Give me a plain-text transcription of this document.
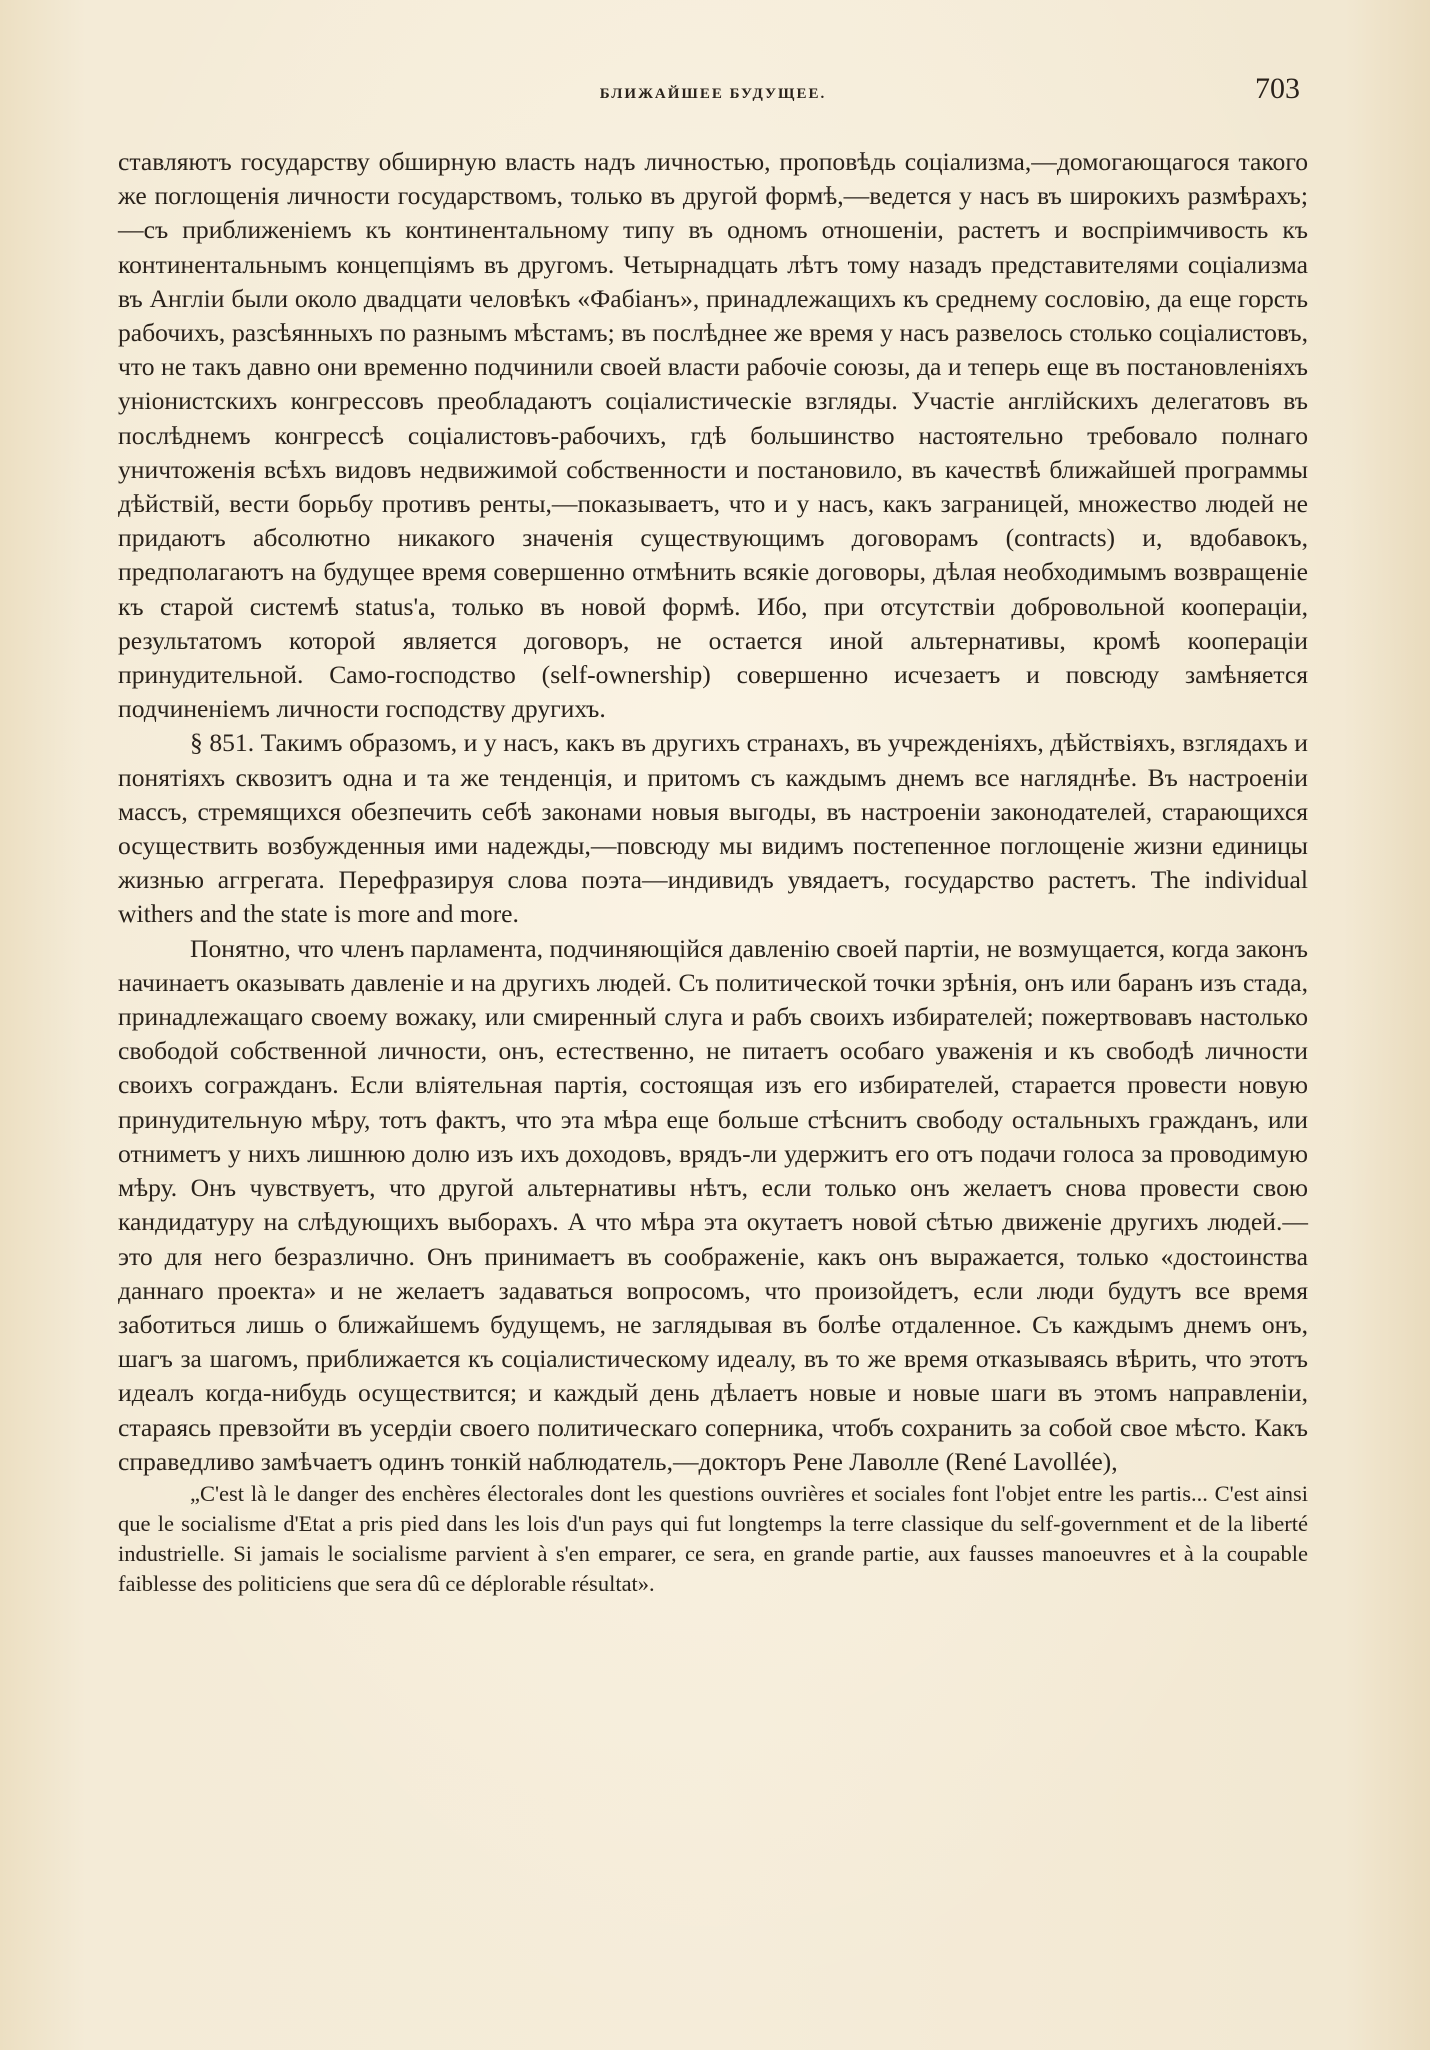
БЛИЖАЙШЕЕ БУДУЩЕЕ.	703

ставляютъ государству обширную власть надъ личностью, проповѣдь соціализма,—домогающагося такого же поглощенія личности государствомъ, только въ другой формѣ,—ведется у насъ въ широкихъ размѣрахъ;—съ приближеніемъ къ континентальному типу въ одномъ отношеніи, растетъ и воспріимчивость къ континентальнымъ концепціямъ въ другомъ. Четырнадцать лѣтъ тому назадъ представителями соціализма въ Англіи были около двадцати человѣкъ «Фабіанъ», принадлежащихъ къ среднему сословію, да еще горсть рабочихъ, разсѣянныхъ по разнымъ мѣстамъ; въ послѣднее же время у насъ развелось столько соціалистовъ, что не такъ давно они временно подчинили своей власти рабочіе союзы, да и теперь еще въ постановленіяхъ уніонистскихъ конгрессовъ преобладаютъ соціалистическіе взгляды. Участіе англійскихъ делегатовъ въ послѣднемъ конгрессѣ соціалистовъ-рабочихъ, гдѣ большинство настоятельно требовало полнаго уничтоженія всѣхъ видовъ недвижимой собственности и постановило, въ качествѣ ближайшей программы дѣйствій, вести борьбу противъ ренты,—показываетъ, что и у насъ, какъ заграницей, множество людей не придаютъ абсолютно никакого значенія существующимъ договорамъ (contracts) и, вдобавокъ, предполагаютъ на будущее время совершенно отмѣнить всякіе договоры, дѣлая необходимымъ возвращеніе къ старой системѣ status'а, только въ новой формѣ. Ибо, при отсутствіи добровольной коопераціи, результатомъ которой является договоръ, не остается иной альтернативы, кромѣ коопераціи принудительной. Само-господство (self-ownership) совершенно исчезаетъ и повсюду замѣняется подчиненіемъ личности господству другихъ.

§ 851. Такимъ образомъ, и у насъ, какъ въ другихъ странахъ, въ учрежденіяхъ, дѣйствіяхъ, взглядахъ и понятіяхъ сквозитъ одна и та же тенденція, и притомъ съ каждымъ днемъ все нагляднѣе. Въ настроеніи массъ, стремящихся обезпечить себѣ законами новыя выгоды, въ настроеніи законодателей, старающихся осуществить возбужденныя ими надежды,—повсюду мы видимъ постепенное поглощеніе жизни единицы жизнью аггрегата. Перефразируя слова поэта—индивидъ увядаетъ, государство растетъ. The individual withers and the state is more and more.

Понятно, что членъ парламента, подчиняющійся давленію своей партіи, не возмущается, когда законъ начинаетъ оказывать давленіе и на другихъ людей. Съ политической точки зрѣнія, онъ или баранъ изъ стада, принадлежащаго своему вожаку, или смиренный слуга и рабъ своихъ избирателей; пожертвовавъ настолько свободой собственной личности, онъ, естественно, не питаетъ особаго уваженія и къ свободѣ личности своихъ согражданъ. Если вліятельная партія, состоящая изъ его избирателей, старается провести новую принудительную мѣру, тотъ фактъ, что эта мѣра еще больше стѣснитъ свободу остальныхъ гражданъ, или отниметъ у нихъ лишнюю долю изъ ихъ доходовъ, врядъ-ли удержитъ его отъ подачи голоса за проводимую мѣру. Онъ чувствуетъ, что другой альтернативы нѣтъ, если только онъ желаетъ снова провести свою кандидатуру на слѣдующихъ выборахъ. А что мѣра эта окутаетъ новой сѣтью движеніе другихъ людей.—это для него безразлично. Онъ принимаетъ въ соображеніе, какъ онъ выражается, только «достоинства даннаго проекта» и не желаетъ задаваться вопросомъ, что произойдетъ, если люди будутъ все время заботиться лишь о ближайшемъ будущемъ, не заглядывая въ болѣе отдаленное. Съ каждымъ днемъ онъ, шагъ за шагомъ, приближается къ соціалистическому идеалу, въ то же время отказываясь вѣрить, что этотъ идеалъ когда-нибудь осуществится; и каждый день дѣлаетъ новые и новые шаги въ этомъ направленіи, стараясь превзойти въ усердіи своего политическаго соперника, чтобъ сохранить за собой свое мѣсто. Какъ справедливо замѣчаетъ одинъ тонкій наблюдатель,—докторъ Рене Лаволле (René Lavollée),

„C'est là le danger des enchères électorales dont les questions ouvrières et sociales font l'objet entre les partis... C'est ainsi que le socialisme d'Etat a pris pied dans les lois d'un pays qui fut longtemps la terre classique du self-government et de la liberté industrielle. Si jamais le socialisme parvient à s'en emparer, ce sera, en grande partie, aux fausses manoeuvres et à la coupable faiblesse des politiciens que sera dû ce déplorable résultat».
